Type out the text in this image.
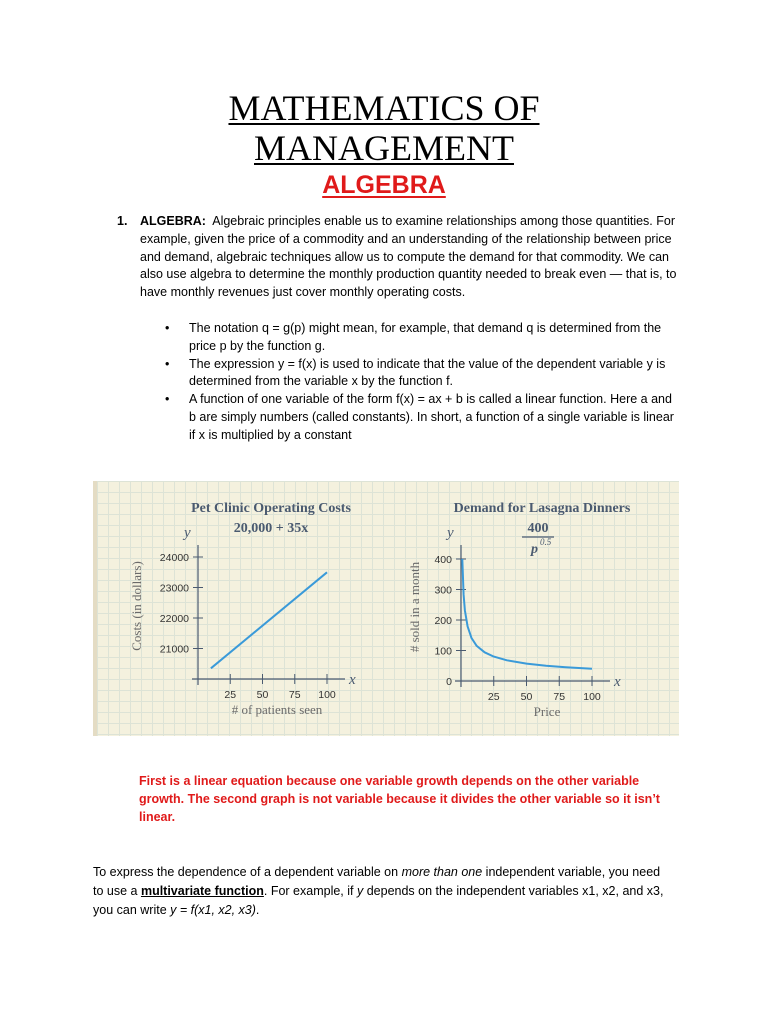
MATHEMATICS OF
MANAGEMENT
ALGEBRA
1. ALGEBRA: Algebraic principles enable us to examine relationships among those quantities. For example, given the price of a commodity and an understanding of the relationship between price and demand, algebraic techniques allow us to compute the demand for that commodity. We can also use algebra to determine the monthly production quantity needed to break even — that is, to have monthly revenues just cover monthly operating costs.

• The notation q = g(p) might mean, for example, that demand q is determined from the price p by the function g.
• The expression y = f(x) is used to indicate that the value of the dependent variable y is determined from the variable x by the function f.
• A function of one variable of the form f(x) = ax + b is called a linear function. Here a and b are simply numbers (called constants). In short, a function of a single variable is linear if x is multiplied by a constant
Pet Clinic Operating Costs
20,000 + 35x
Demand for Lasagna Dinners
400
p 0.5
y
x
25 50 75 100
24000
23000
22000
21000
# of patients seen
Costs (in dollars)
y
x
25 50 75 100
400
300
200
100
0
Price
# sold in a month

First is a linear equation because one variable growth depends on the other variable growth. The second graph is not variable because it divides the other variable so it isn’t linear.

To express the dependence of a dependent variable on more than one independent variable, you need to use a multivariate function. For example, if y depends on the independent variables x1, x2, and x3, you can write y = f(x1, x2, x3).
